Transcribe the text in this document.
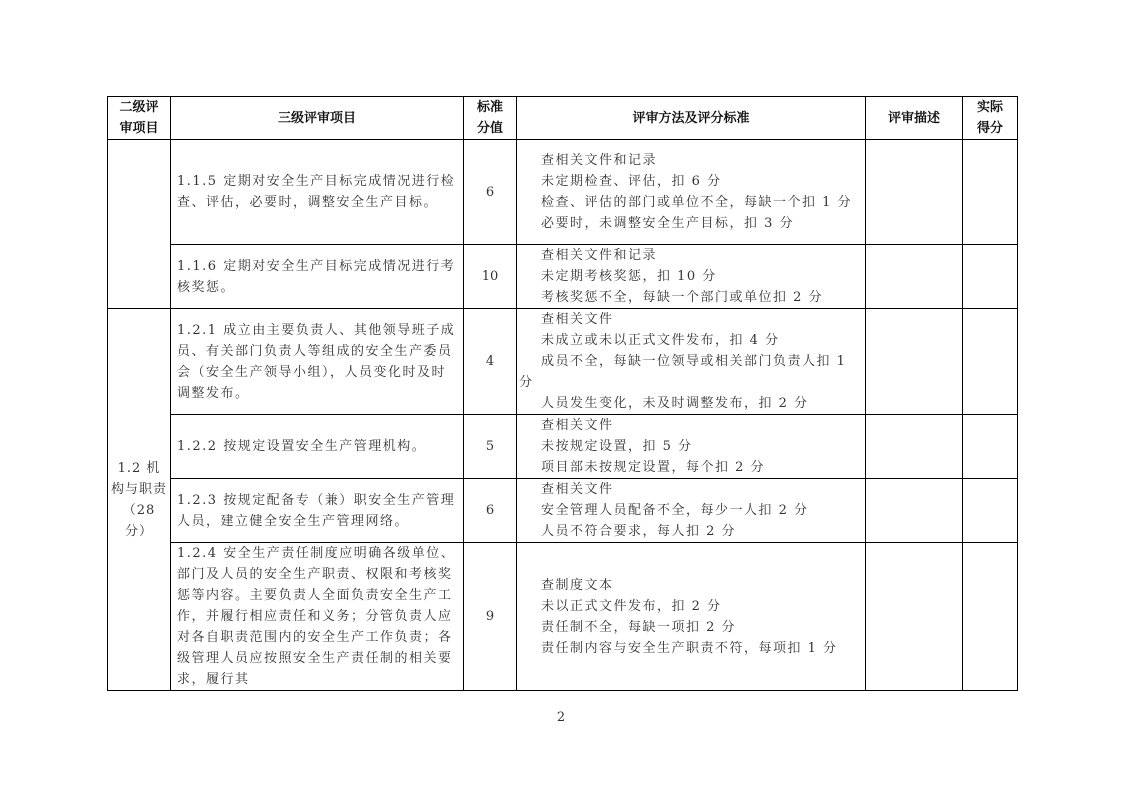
二级评审项目	三级评审项目	标准分值	评审方法及评分标准	评审描述	实际得分
	1.1.5 定期对安全生产目标完成情况进行检查、评估，必要时，调整安全生产目标。	6	查相关文件和记录
未定期检查、评估，扣 6 分
检查、评估的部门或单位不全，每缺一个扣 1 分
必要时，未调整安全生产目标，扣 3 分		

	1.1.6 定期对安全生产目标完成情况进行考核奖惩。	10	查相关文件和记录
未定期考核奖惩，扣 10 分
考核奖惩不全，每缺一个部门或单位扣 2 分		

1.2 机构与职责（28 分）	1.2.1 成立由主要负责人、其他领导班子成员、有关部门负责人等组成的安全生产委员会（安全生产领导小组），人员变化时及时调整发布。	4	查相关文件
未成立或未以正式文件发布，扣 4 分
成员不全，每缺一位领导或相关部门负责人扣 1 分
人员发生变化，未及时调整发布，扣 2 分		

	1.2.2 按规定设置安全生产管理机构。	5	查相关文件
未按规定设置，扣 5 分
项目部未按规定设置，每个扣 2 分		

	1.2.3 按规定配备专（兼）职安全生产管理人员，建立健全安全生产管理网络。	6	查相关文件
安全管理人员配备不全，每少一人扣 2 分
人员不符合要求，每人扣 2 分		

	1.2.4 安全生产责任制度应明确各级单位、部门及人员的安全生产职责、权限和考核奖惩等内容。主要负责人全面负责安全生产工作，并履行相应责任和义务；分管负责人应对各自职责范围内的安全生产工作负责；各级管理人员应按照安全生产责任制的相关要求，履行其	9	查制度文本
未以正式文件发布，扣 2 分
责任制不全，每缺一项扣 2 分
责任制内容与安全生产职责不符，每项扣 1 分		

2
